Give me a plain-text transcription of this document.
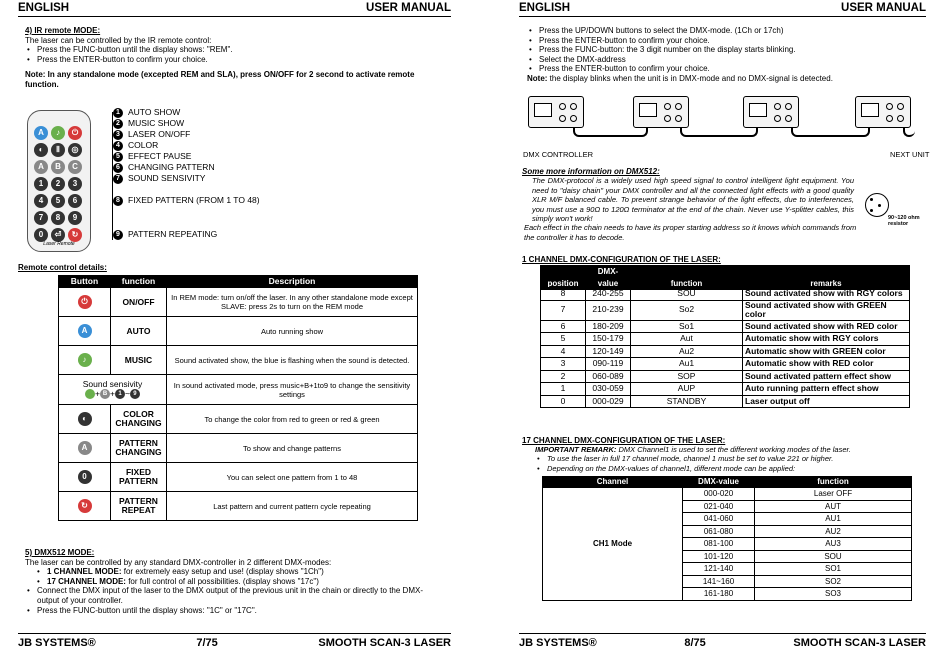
ENGLISH	USER MANUAL
4) IR remote MODE:
The laser can be controlled by the IR remote control:
• Press the FUNC-button until the display shows: "REM".
• Press the ENTER-button to confirm your choice.
Note: In any standalone mode (excepted REM and SLA), press ON/OFF for 2 second to activate remote function.
A	♪	⏻
◐	Ⅱ	◎
A	B	C
1	2	3
4	5	6
7	8	9
0	⏎	↻
Laser Remote
1 AUTO SHOW
2 MUSIC SHOW
3 LASER ON/OFF
4 COLOR
5 EFFECT PAUSE
6 CHANGING PATTERN
7 SOUND SENSIVITY
8 FIXED PATTERN (FROM 1 TO 48)
9 PATTERN REPEATING
Remote control details:
Button	function	Description
⏻	ON/OFF	In REM mode: turn on/off the laser. In any other standalone mode except SLAVE: press 2s to turn on the REM mode
A	AUTO	Auto running show
♪	MUSIC	Sound activated show, the blue is flashing when the sound is detected.

Sound sensivity
+ B + 1 ~ 9		In sound activated mode, press music+B+1to9 to change the sensitivity settings
◐	COLOR CHANGING	To change the color from red to green or red & green
A	PATTERN CHANGING	To show and change patterns
0	FIXED PATTERN	You can select one pattern from 1 to 48
↻	PATTERN REPEAT	Last pattern and current pattern cycle repeating
5) DMX512 MODE:
The laser can be controlled by any standard DMX-controller in 2 different DMX-modes:
• 1 CHANNEL MODE: for extremely easy setup and use! (display shows "1Ch")
• 17 CHANNEL MODE: for full control of all possibilities. (display shows "17c")
• Connect the DMX input of the laser to the DMX output of the previous unit in the chain or directly to the DMX-output of your controller.
• Press the FUNC-button until the display shows: "1C" or "17C".
JB SYSTEMS®	7/75	SMOOTH SCAN-3 LASER
ENGLISH	USER MANUAL
• Press the UP/DOWN buttons to select the DMX-mode. (1Ch or 17ch)
• Press the ENTER-button to confirm your choice.
• Press the FUNC-button: the 3 digit number on the display starts blinking.
• Select the DMX-address
• Press the ENTER-button to confirm your choice.
Note: the display blinks when the unit is in DMX-mode and no DMX-signal is detected.
DMX CONTROLLER	NEXT UNIT
Some more information on DMX512:
The DMX-protocol is a widely used high speed signal to control intelligent light equipment. You need to "daisy chain" your DMX controller and all the connected light effects with a good quality XLR M/F balanced cable. To prevent strange behavior of the light effects, due to interferences, you must use a 90Ω to 120Ω terminator at the end of the chain. Never use Y-splitter cables, this simply won't work!
Each effect in the chain needs to have its proper starting address so it knows which commands from the controller it has to decode.
90~120 ohm resistor
1 CHANNEL DMX-CONFIGURATION OF THE LASER:
position	DMX-value	function	remarks
8	240-255	SOU	Sound activated show with RGY colors
7	210-239	So2	Sound activated show with GREEN color
6	180-209	So1	Sound activated show with RED color
5	150-179	Aut	Automatic show with RGY colors
4	120-149	Au2	Automatic show with GREEN color
3	090-119	Au1	Automatic show with RED color
2	060-089	SOP	Sound activated pattern effect show
1	030-059	AUP	Auto running pattern effect show
0	000-029	STANDBY	Laser output off
17 CHANNEL DMX-CONFIGURATION OF THE LASER:
IMPORTANT REMARK: DMX Channel1 is used to set the different working modes of the laser.
• To use the laser in full 17 channel mode, channel 1 must be set to value 221 or higher.
• Depending on the DMX-values of channel1, different mode can be applied:
Channel	DMX-value	function
CH1 Mode	000-020	Laser OFF
	021-040	AUT
	041-060	AU1
	061-080	AU2
	081-100	AU3
	101-120	SOU
	121-140	SO1
	141~160	SO2
	161-180	SO3
JB SYSTEMS®	8/75	SMOOTH SCAN-3 LASER
